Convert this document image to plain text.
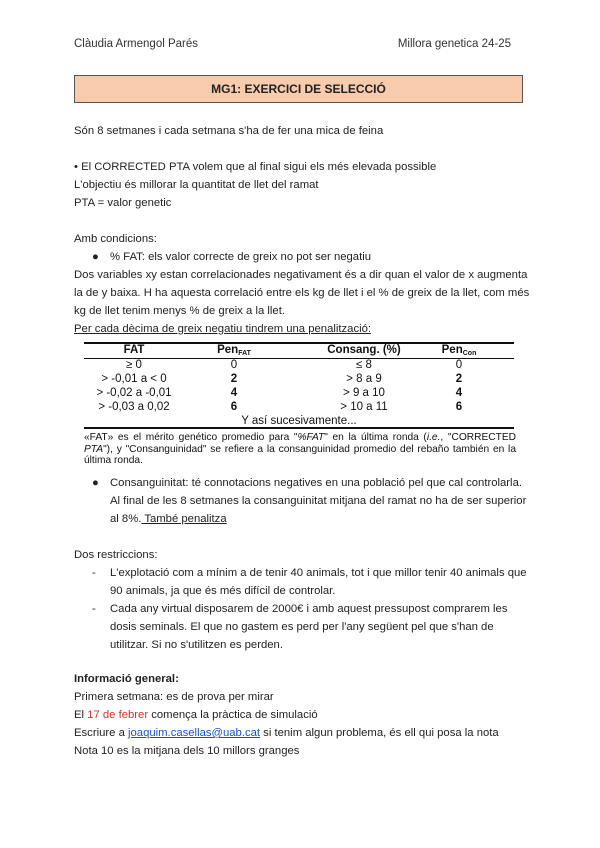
Clàudia Armengol Parés	Millora genetica 24-25
MG1: EXERCICI DE SELECCIÓ
Són 8 setmanes i cada setmana s'ha de fer una mica de feina
• El CORRECTED PTA volem que al final sigui els més elevada possible
L'objectiu és millorar la quantitat de llet del ramat
PTA = valor genetic
Amb condicions:
● % FAT: els valor correcte de greix no pot ser negatiu
Dos variables xy estan correlacionades negativament és a dir quan el valor de x augmenta
la de y baixa. H ha aquesta correlació entre els kg de llet i el % de greix de la llet, com més
kg de llet tenim menys % de greix a la llet.
Per cada dècima de greix negatiu tindrem una penalització:
FAT	Pen$_{FAT}$	Consang. (%)	Pen$_{Con}$
≥ 0	0	≤ 8	0
> -0,01 a < 0	2	> 8 a 9	2
> -0,02 a -0,01	4	> 9 a 10	4
> -0,03 a 0,02	6	> 10 a 11	6
Y así sucesivamente...
«FAT» es el mérito genético promedio para "%FAT" en la última ronda (i.e., "CORRECTED PTA"), y "Consanguinidad" se refiere a la consanguinidad promedio del rebaño también en la última ronda.
● Consanguinitat: té connotacions negatives en una població pel que cal controlarla.
Al final de les 8 setmanes la consanguinitat mitjana del ramat no ha de ser superior
al 8%. També penalitza
Dos restriccions:
- L'explotació com a mínim a de tenir 40 animals, tot i que millor tenir 40 animals que
90 animals, ja que és més difícil de controlar.
- Cada any virtual disposarem de 2000€ i amb aquest pressupost comprarem les
dosis seminals. El que no gastem es perd per l'any següent pel que s'han de
utilitzar. Si no s'utilitzen es perden.
Informació general:
Primera setmana: es de prova per mirar
El 17 de febrer comença la pràctica de simulació
Escriure a joaquim.casellas@uab.cat si tenim algun problema, és ell qui posa la nota
Nota 10 es la mitjana dels 10 millors granges
